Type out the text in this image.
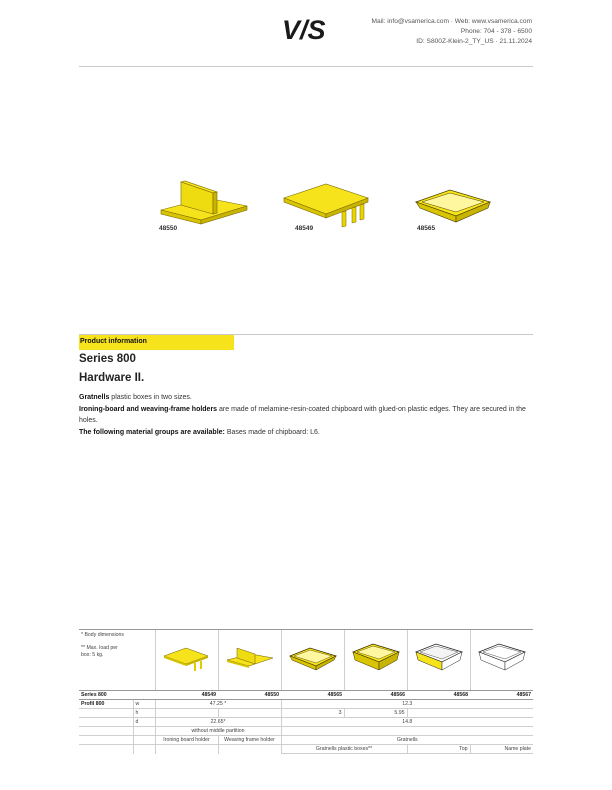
V/S	Mail: info@vsamerica.com · Web: www.vsamerica.com
Phone: 704 - 378 - 6500
ID: S800Z-Klein-2_TY_US · 21.11.2024
48550	48549	48565
Product information
Series 800
Hardware II.
Gratnells plastic boxes in two sizes.
Ironing-board and weaving-frame holders are made of melamine-resin-coated chipboard with glued-on plastic edges. They are secured in the holes.
The following material groups are available: Bases made of chipboard: L6.
* Body dimensions
** Max. load per box: 5 kg.

Series 800		48549	48550	48565	48566	48568	48567
Profil 800	w	47.25 *		12.3			
	h			3	5.95		
	d	22.65*		14.8			
		without middle partition					
		Ironing board holder	Weaving frame holder	Gratnells			
				Gratnells plastic boxes**		Top	Name plate
